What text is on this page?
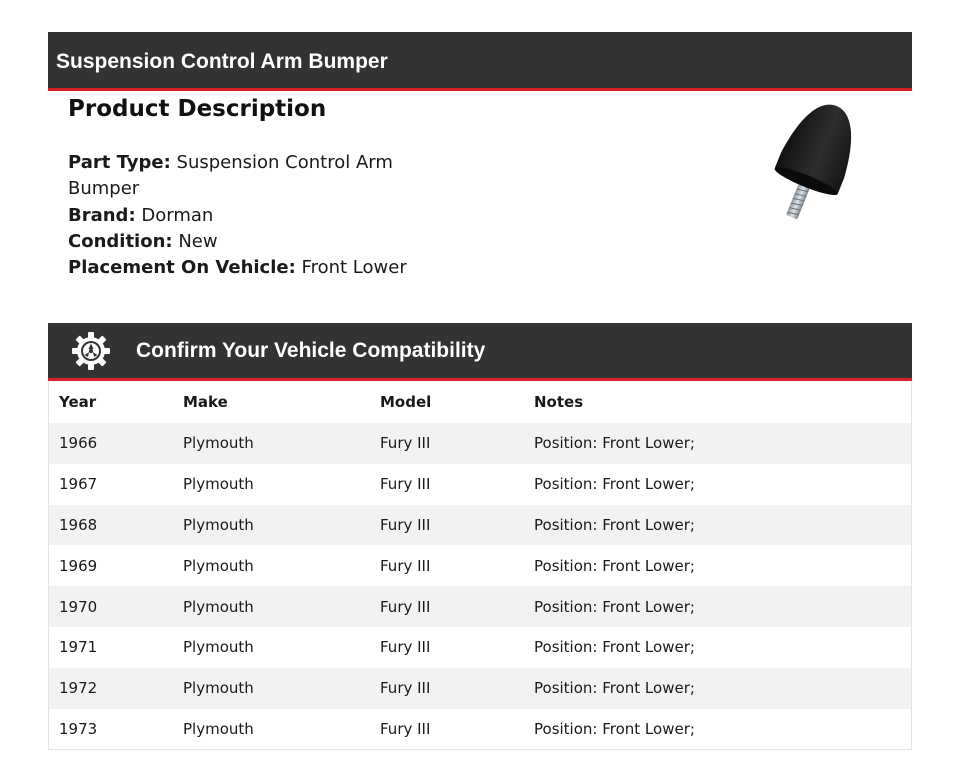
Suspension Control Arm Bumper
Product Description

Part Type: Suspension Control Arm Bumper

Brand: Dorman

Condition: New

Placement On Vehicle: Front Lower

Confirm Your Vehicle Compatibility
Year	Make	Model	Notes
1966	Plymouth	Fury III	Position: Front Lower;
1967	Plymouth	Fury III	Position: Front Lower;
1968	Plymouth	Fury III	Position: Front Lower;
1969	Plymouth	Fury III	Position: Front Lower;
1970	Plymouth	Fury III	Position: Front Lower;
1971	Plymouth	Fury III	Position: Front Lower;
1972	Plymouth	Fury III	Position: Front Lower;
1973	Plymouth	Fury III	Position: Front Lower;
